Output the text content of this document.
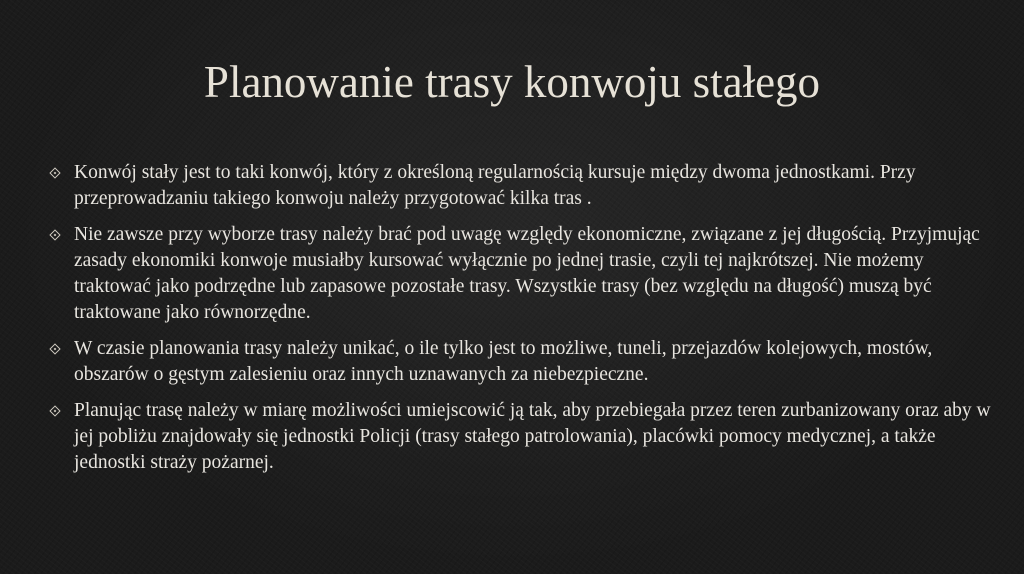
Planowanie trasy konwoju stałego
Konwój stały jest to taki konwój, który z określoną regularnością kursuje między dwoma jednostkami. Przy przeprowadzaniu takiego konwoju należy przygotować kilka tras .
Nie zawsze przy wyborze trasy należy brać pod uwagę względy ekonomiczne, związane z jej długością. Przyjmując zasady ekonomiki konwoje musiałby kursować wyłącznie po jednej trasie, czyli tej najkrótszej. Nie możemy traktować jako podrzędne lub zapasowe pozostałe trasy. Wszystkie trasy (bez względu na długość) muszą być traktowane jako równorzędne.
W czasie planowania trasy należy unikać, o ile tylko jest to możliwe, tuneli, przejazdów kolejowych, mostów, obszarów o gęstym zalesieniu oraz innych uznawanych za niebezpieczne.
Planując trasę należy w miarę możliwości umiejscowić ją tak, aby przebiegała przez teren zurbanizowany oraz aby w jej pobliżu znajdowały się jednostki Policji (trasy stałego patrolowania), placówki pomocy medycznej, a także jednostki straży pożarnej.
